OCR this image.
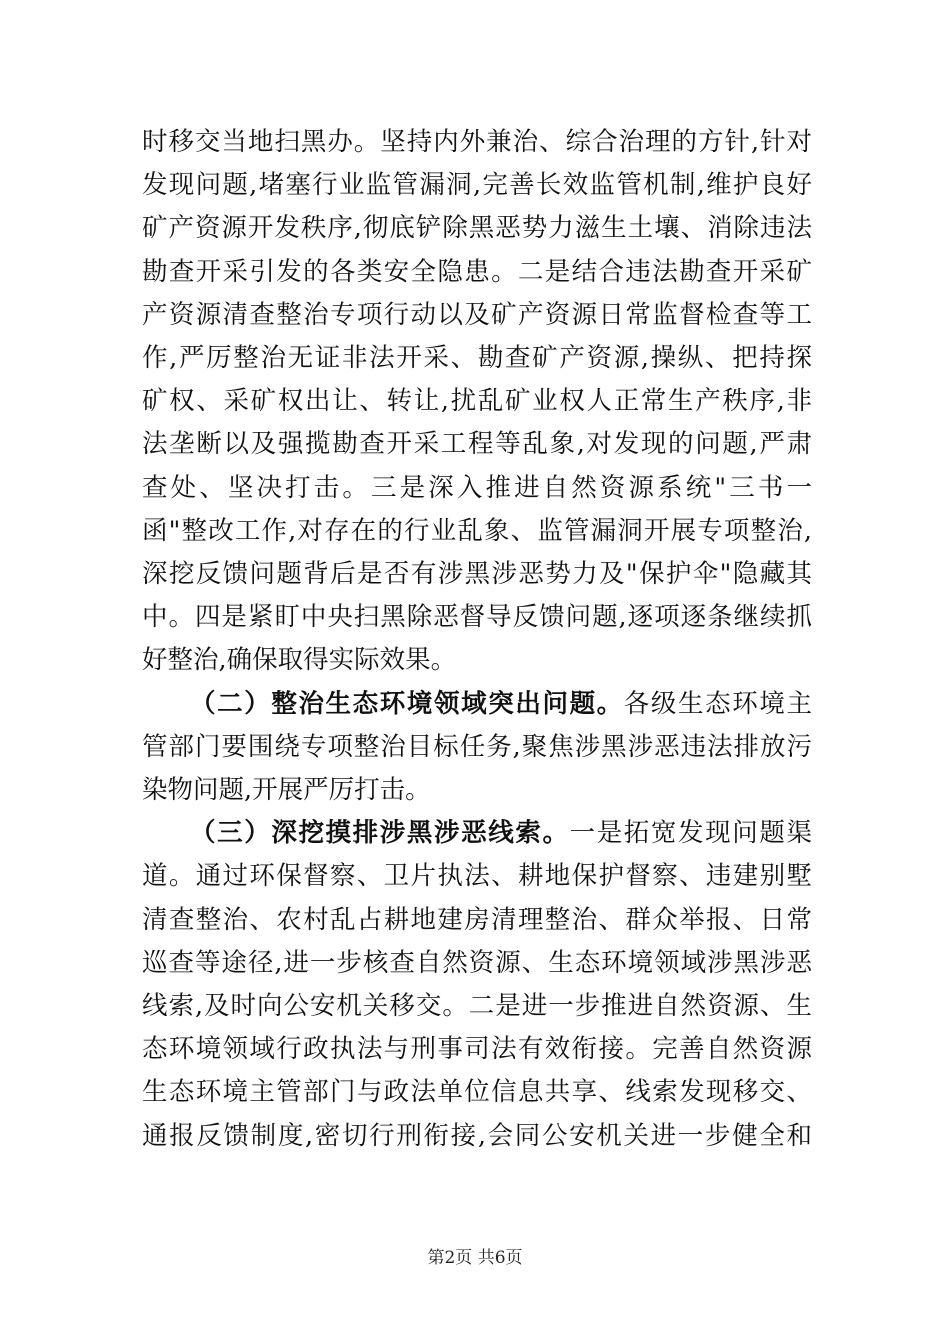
时移交当地扫黑办。坚持内外兼治、综合治理的方针,针对
发现问题,堵塞行业监管漏洞,完善长效监管机制,维护良好
矿产资源开发秩序,彻底铲除黑恶势力滋生土壤、消除违法
勘查开采引发的各类安全隐患。二是结合违法勘查开采矿
产资源清查整治专项行动以及矿产资源日常监督检查等工
作,严厉整治无证非法开采、勘查矿产资源,操纵、把持探
矿权、采矿权出让、转让,扰乱矿业权人正常生产秩序,非
法垄断以及强揽勘查开采工程等乱象,对发现的问题,严肃
查处、坚决打击。三是深入推进自然资源系统"三书一
函"整改工作,对存在的行业乱象、监管漏洞开展专项整治,
深挖反馈问题背后是否有涉黑涉恶势力及"保护伞"隐藏其
中。四是紧盯中央扫黑除恶督导反馈问题,逐项逐条继续抓
好整治,确保取得实际效果。
（二）整治生态环境领域突出问题。各级生态环境主
管部门要围绕专项整治目标任务,聚焦涉黑涉恶违法排放污
染物问题,开展严厉打击。
（三）深挖摸排涉黑涉恶线索。一是拓宽发现问题渠
道。通过环保督察、卫片执法、耕地保护督察、违建别墅
清查整治、农村乱占耕地建房清理整治、群众举报、日常
巡查等途径,进一步核查自然资源、生态环境领域涉黑涉恶
线索,及时向公安机关移交。二是进一步推进自然资源、生
态环境领域行政执法与刑事司法有效衔接。完善自然资源
生态环境主管部门与政法单位信息共享、线索发现移交、
通报反馈制度,密切行刑衔接,会同公安机关进一步健全和
第2页 共6页
